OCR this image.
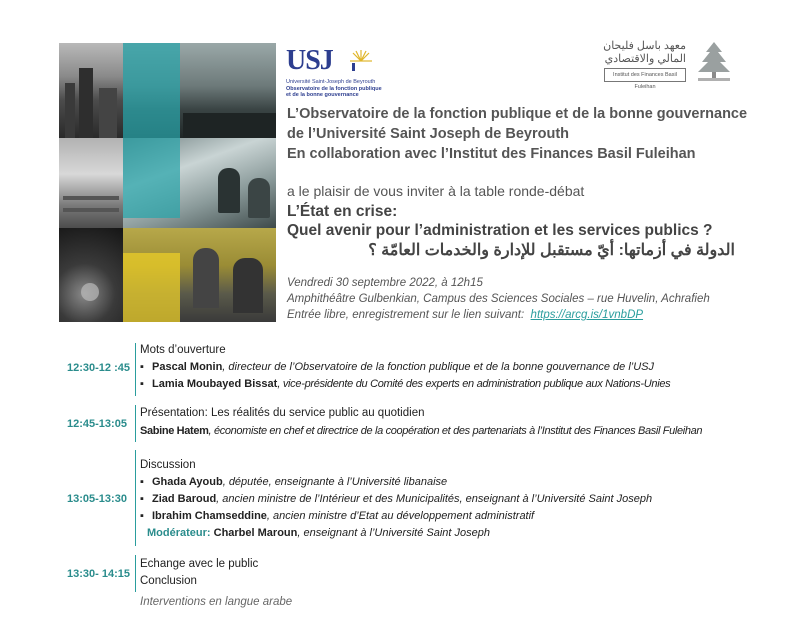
USJ
Université Saint-Joseph de Beyrouth
Observatoire de la fonction publique
et de la bonne gouvernance
معهد باسل فليحان
المالي والاقتصادي
Institut des Finances Basil Fuleihan
L’Observatoire de la fonction publique et de la bonne gouvernance
de l’Université Saint Joseph de Beyrouth
En collaboration avec l’Institut des Finances Basil Fuleihan
a le plaisir de vous inviter à la table ronde-débat
L’État en crise:
Quel avenir pour l’administration et les services publics ?
الدولة في أزماتها: أيّ مستقبل للإدارة والخدمات العامّة ؟
Vendredi 30 septembre 2022, à 12h15
Amphithéâtre Gulbenkian, Campus des Sciences Sociales – rue Huvelin, Achrafieh
Entrée libre, enregistrement sur le lien suivant: https://arcg.is/1vnbDP
12:30-12 :45
Mots d’ouverture
▪ Pascal Monin, directeur de l’Observatoire de la fonction publique et de la bonne gouvernance de l’USJ
▪ Lamia Moubayed Bissat, vice-présidente du Comité des experts en administration publique aux Nations-Unies
12:45-13:05
Présentation: Les réalités du service public au quotidien
Sabine Hatem, économiste en chef et directrice de la coopération et des partenariats à l’Institut des Finances Basil Fuleihan
13:05-13:30
Discussion
▪ Ghada Ayoub, députée, enseignante à l’Université libanaise
▪ Ziad Baroud, ancien ministre de l’Intérieur et des Municipalités, enseignant à l’Université Saint Joseph
▪ Ibrahim Chamseddine, ancien ministre d’Etat au développement administratif
Modérateur: Charbel Maroun, enseignant à l’Université Saint Joseph
13:30- 14:15
Echange avec le public
Conclusion
Interventions en langue arabe
